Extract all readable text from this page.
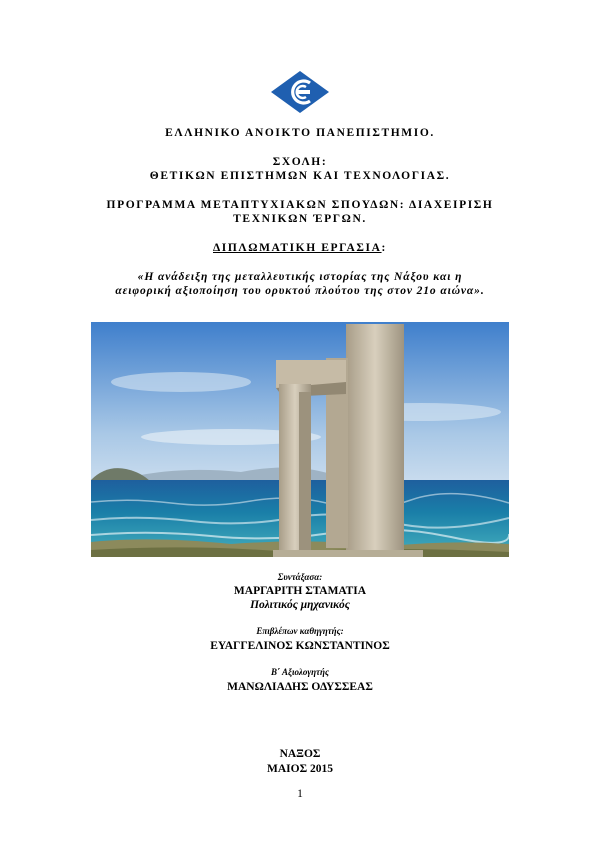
ΕΛΛΗΝΙΚΟ ΑΝΟΙΚΤΟ ΠΑΝΕΠΙΣΤΗΜΙΟ.
ΣΧΟΛΗ:
ΘΕΤΙΚΩΝ ΕΠΙΣΤΗΜΩΝ ΚΑΙ ΤΕΧΝΟΛΟΓΙΑΣ.
ΠΡΟΓΡΑΜΜΑ ΜΕΤΑΠΤΥΧΙΑΚΩΝ ΣΠΟΥΔΩΝ: ΔΙΑΧΕΙΡΙΣΗ
ΤΕΧΝΙΚΩΝ ΈΡΓΩΝ.
ΔΙΠΛΩΜΑΤΙΚΗ ΕΡΓΑΣΙΑ:
«Η ανάδειξη της μεταλλευτικής ιστορίας της Νάξου και η
αειφορική αξιοποίηση του ορυκτού πλούτου της στον 21ο αιώνα».
Συντάξασα:
ΜΑΡΓΑΡΙΤΗ ΣΤΑΜΑΤΙΑ
Πολιτικός μηχανικός
Επιβλέπων καθηγητής:
ΕΥΑΓΓΕΛΙΝΟΣ ΚΩΝΣΤΑΝΤΙΝΟΣ
Β΄ Αξιολογητής
ΜΑΝΩΛΙΑΔΗΣ ΟΔΥΣΣΕΑΣ
ΝΑΞΟΣ
ΜΑΙΟΣ 2015
1
